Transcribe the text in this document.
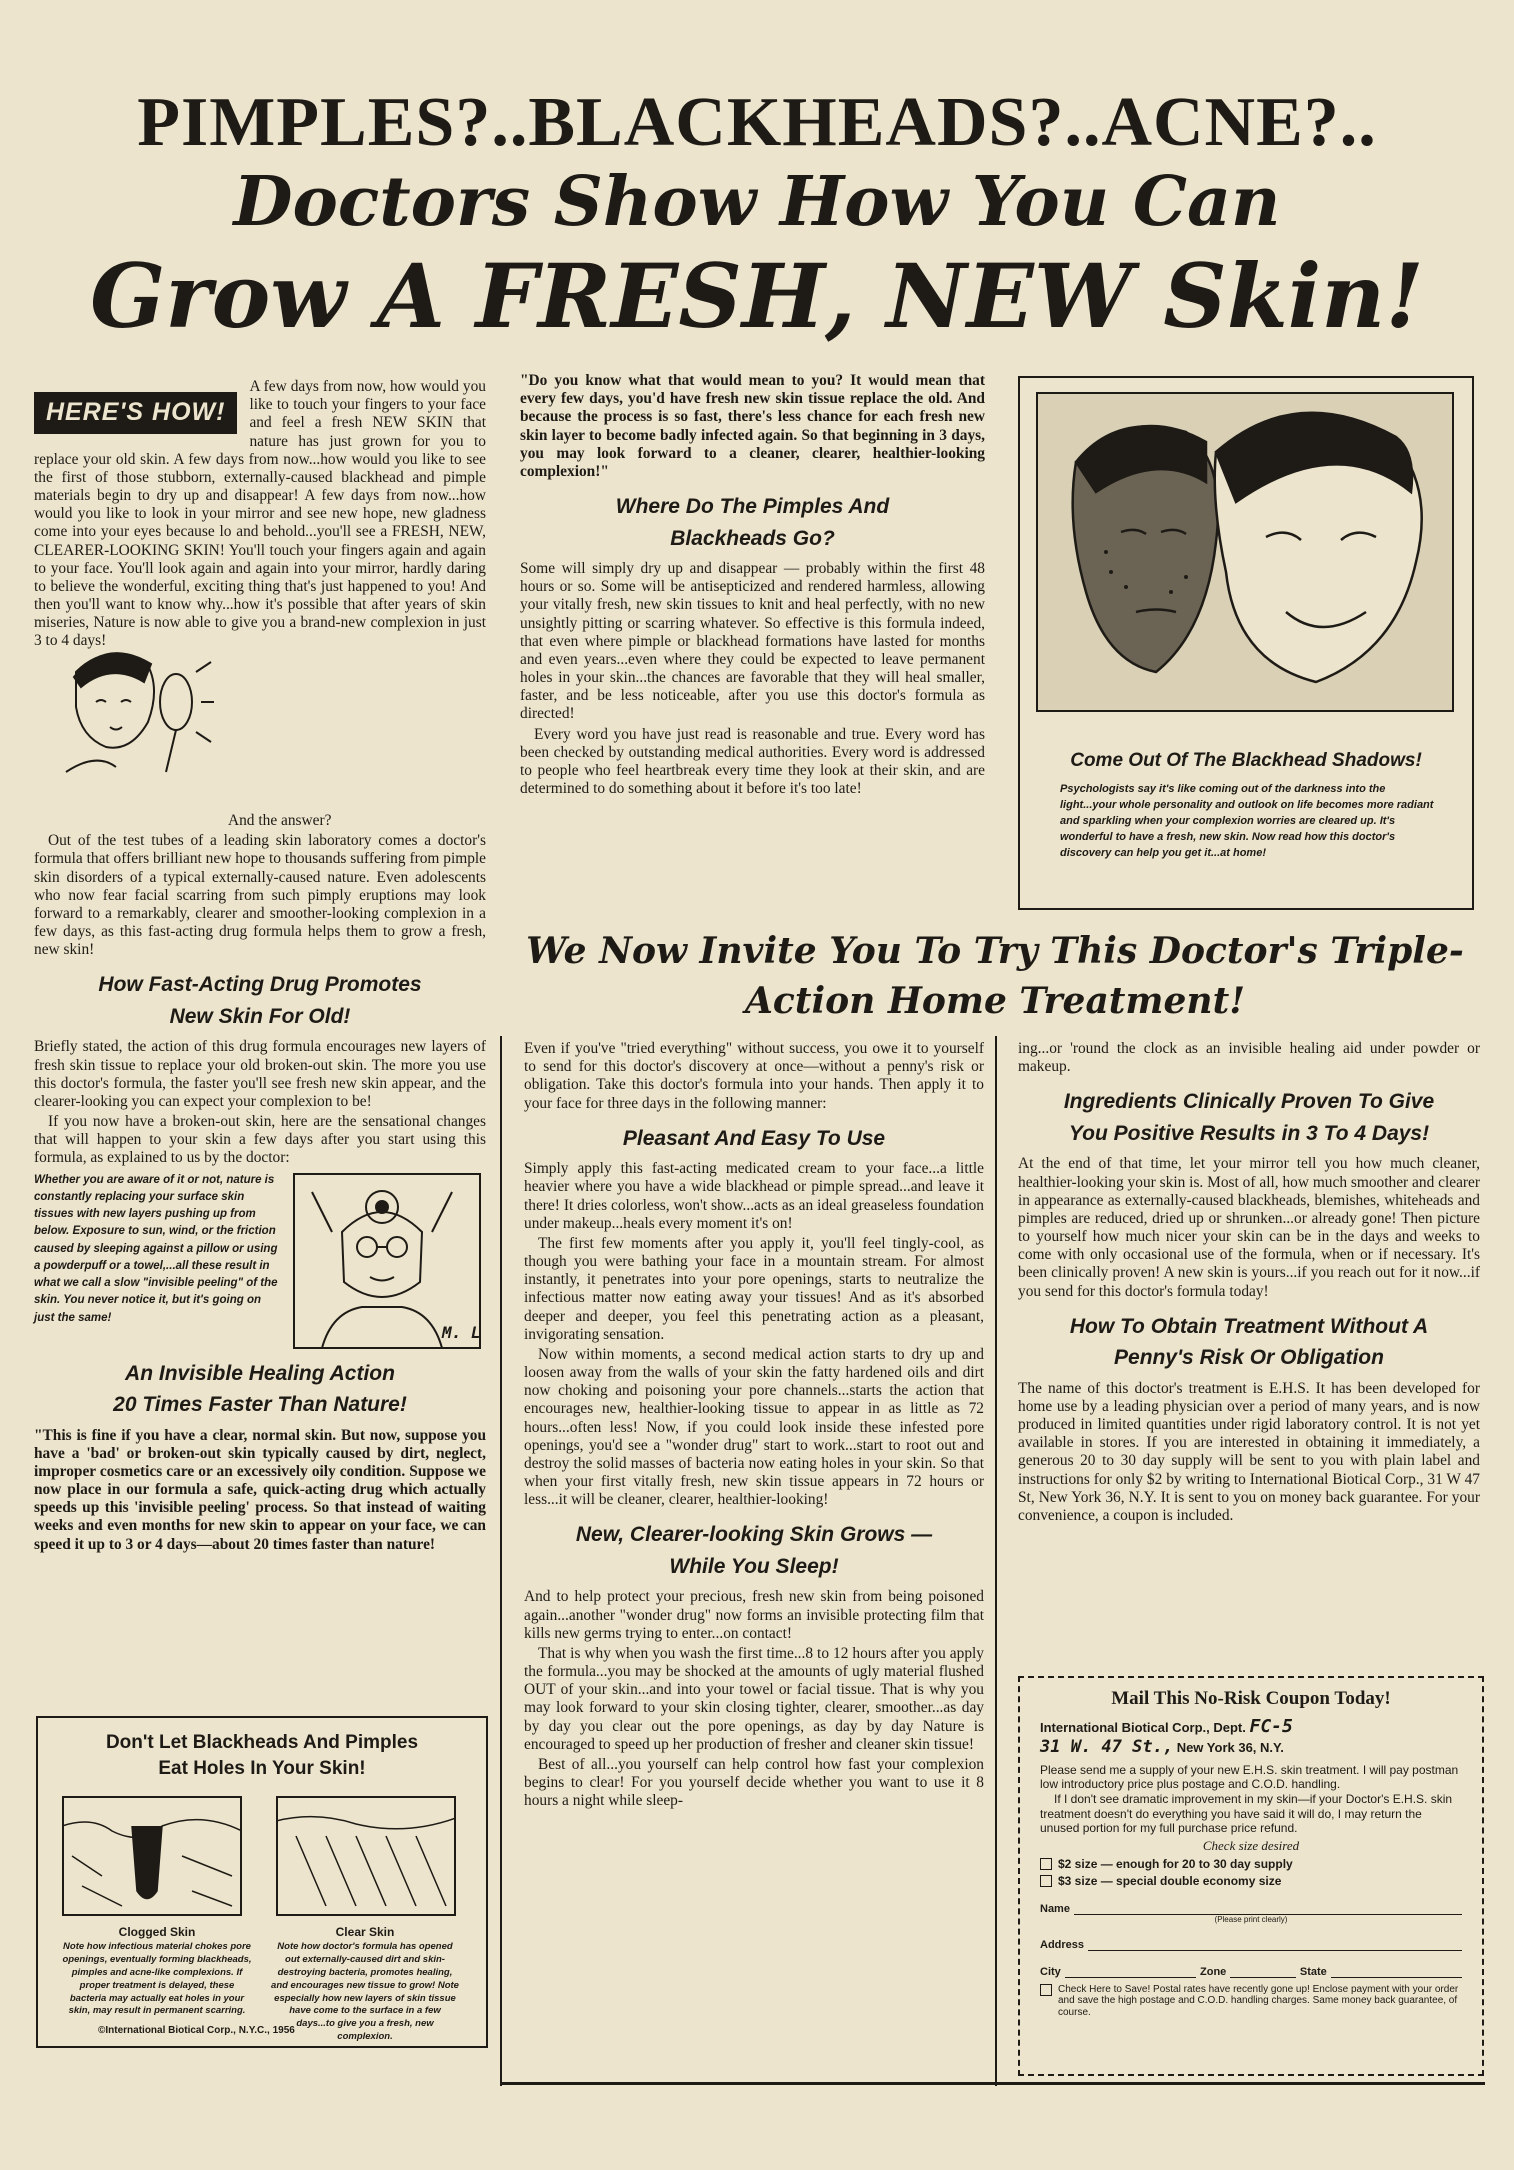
PIMPLES?..BLACKHEADS?..ACNE?..
Doctors Show How You Can
Grow A FRESH, NEW Skin!
HERE'S HOW!

A few days from now, how would you like to touch your fingers to your face and feel a fresh NEW SKIN that nature has just grown for you to replace your old skin. A few days from now...how would you like to see the first of those stubborn, externally-caused blackhead and pimple materials begin to dry up and disappear! A few days from now...how would you like to look in your mirror and see new hope, new gladness come into your eyes because lo and behold...you'll see a FRESH, NEW, CLEARER-LOOKING SKIN! You'll touch your fingers again and again to your face. You'll look again and again into your mirror, hardly daring to believe the wonderful, exciting thing that's just happened to you! And then you'll want to know why...how it's possible that after years of skin miseries, Nature is now able to give you a brand-new complexion in just 3 to 4 days!

And the answer?

Out of the test tubes of a leading skin laboratory comes a doctor's formula that offers brilliant new hope to thousands suffering from pimple skin disorders of a typical externally-caused nature. Even adolescents who now fear facial scarring from such pimply eruptions may look forward to a remarkably, clearer and smoother-looking complexion in a few days, as this fast-acting drug formula helps them to grow a fresh, new skin!

How Fast-Acting Drug Promotes
New Skin For Old!

Briefly stated, the action of this drug formula encourages new layers of fresh skin tissue to replace your old broken-out skin. The more you use this doctor's formula, the faster you'll see fresh new skin appear, and the clearer-looking you can expect your complexion to be!

If you now have a broken-out skin, here are the sensational changes that will happen to your skin a few days after you start using this formula, as explained to us by the doctor:

Whether you are aware of it or not, nature is constantly replacing your surface skin tissues with new layers pushing up from below. Exposure to sun, wind, or the friction caused by sleeping against a pillow or using a powderpuff or a towel,...all these result in what we call a slow "invisible peeling" of the skin. You never notice it, but it's going on just the same!
M. L
An Invisible Healing Action
20 Times Faster Than Nature!

"This is fine if you have a clear, normal skin. But now, suppose you have a 'bad' or broken-out skin typically caused by dirt, neglect, improper cosmetics care or an excessively oily condition. Suppose we now place in our formula a safe, quick-acting drug which actually speeds up this 'invisible peeling' process. So that instead of waiting weeks and even months for new skin to appear on your face, we can speed it up to 3 or 4 days—about 20 times faster than nature!

Don't Let Blackheads And Pimples
Eat Holes In Your Skin!
Clogged Skin
Note how infectious material chokes pore openings, eventually forming blackheads, pimples and acne-like complexions. If proper treatment is delayed, these bacteria may actually eat holes in your skin, may result in permanent scarring.
Clear Skin
Note how doctor's formula has opened out externally-caused dirt and skin-destroying bacteria, promotes healing, and encourages new tissue to grow! Note especially how new layers of skin tissue have come to the surface in a few days...to give you a fresh, new complexion.
©International Biotical Corp., N.Y.C., 1956

"Do you know what that would mean to you? It would mean that every few days, you'd have fresh new skin tissue replace the old. And because the process is so fast, there's less chance for each fresh new skin layer to become badly infected again. So that beginning in 3 days, you may look forward to a cleaner, clearer, healthier-looking complexion!"

Where Do The Pimples And
Blackheads Go?

Some will simply dry up and disappear — probably within the first 48 hours or so. Some will be antisepticized and rendered harmless, allowing your vitally fresh, new skin tissues to knit and heal perfectly, with no new unsightly pitting or scarring whatever. So effective is this formula indeed, that even where pimple or blackhead formations have lasted for months and even years...even where they could be expected to leave permanent holes in your skin...the chances are favorable that they will heal smaller, faster, and be less noticeable, after you use this doctor's formula as directed!

Every word you have just read is reasonable and true. Every word has been checked by outstanding medical authorities. Every word is addressed to people who feel heartbreak every time they look at their skin, and are determined to do something about it before it's too late!

Come Out Of The Blackhead Shadows!
Psychologists say it's like coming out of the darkness into the light...your whole personality and outlook on life becomes more radiant and sparkling when your complexion worries are cleared up. It's wonderful to have a fresh, new skin. Now read how this doctor's discovery can help you get it...at home!
We Now Invite You To Try This Doctor's Triple-
Action Home Treatment!

Even if you've "tried everything" without success, you owe it to yourself to send for this doctor's discovery at once—without a penny's risk or obligation. Take this doctor's formula into your hands. Then apply it to your face for three days in the following manner:

Pleasant And Easy To Use

Simply apply this fast-acting medicated cream to your face...a little heavier where you have a wide blackhead or pimple spread...and leave it there! It dries colorless, won't show...acts as an ideal greaseless foundation under makeup...heals every moment it's on!

The first few moments after you apply it, you'll feel tingly-cool, as though you were bathing your face in a mountain stream. For almost instantly, it penetrates into your pore openings, starts to neutralize the infectious matter now eating away your tissues! And as it's absorbed deeper and deeper, you feel this penetrating action as a pleasant, invigorating sensation.

Now within moments, a second medical action starts to dry up and loosen away from the walls of your skin the fatty hardened oils and dirt now choking and poisoning your pore channels...starts the action that encourages new, healthier-looking tissue to appear in as little as 72 hours...often less! Now, if you could look inside these infested pore openings, you'd see a "wonder drug" start to work...start to root out and destroy the solid masses of bacteria now eating holes in your skin. So that when your first vitally fresh, new skin tissue appears in 72 hours or less...it will be cleaner, clearer, healthier-looking!

New, Clearer-looking Skin Grows —
While You Sleep!

And to help protect your precious, fresh new skin from being poisoned again...another "wonder drug" now forms an invisible protecting film that kills new germs trying to enter...on contact!

That is why when you wash the first time...8 to 12 hours after you apply the formula...you may be shocked at the amounts of ugly material flushed OUT of your skin...and into your towel or facial tissue. That is why you may look forward to your skin closing tighter, clearer, smoother...as day by day you clear out the pore openings, as day by day Nature is encouraged to speed up her production of fresher and cleaner skin tissue!

Best of all...you yourself can help control how fast your complexion begins to clear! For you yourself decide whether you want to use it 8 hours a night while sleep-

ing...or 'round the clock as an invisible healing aid under powder or makeup.

Ingredients Clinically Proven To Give
You Positive Results in 3 To 4 Days!

At the end of that time, let your mirror tell you how much cleaner, healthier-looking your skin is. Most of all, how much smoother and clearer in appearance as externally-caused blackheads, blemishes, whiteheads and pimples are reduced, dried up or shrunken...or already gone! Then picture to yourself how much nicer your skin can be in the days and weeks to come with only occasional use of the formula, when or if necessary. It's been clinically proven! A new skin is yours...if you reach out for it now...if you send for this doctor's formula today!

How To Obtain Treatment Without A
Penny's Risk Or Obligation

The name of this doctor's treatment is E.H.S. It has been developed for home use by a leading physician over a period of many years, and is now produced in limited quantities under rigid laboratory control. It is not yet available in stores. If you are interested in obtaining it immediately, a generous 20 to 30 day supply will be sent to you with plain label and instructions for only $2 by writing to International Biotical Corp., 31 W 47 St, New York 36, N.Y. It is sent to you on money back guarantee. For your convenience, a coupon is included.

Mail This No-Risk Coupon Today!
International Biotical Corp., Dept. FC-5
31 W. 47 St., New York 36, N.Y.
Please send me a supply of your new E.H.S. skin treatment. I will pay postman low introductory price plus postage and C.O.D. handling.
If I don't see dramatic improvement in my skin—if your Doctor's E.H.S. skin treatment doesn't do everything you have said it will do, I may return the unused portion for my full purchase price refund.
Check size desired
$2 size — enough for 20 to 30 day supply
$3 size — special double economy size
Name
(Please print clearly)
Address
City	Zone	State
Check Here to Save! Postal rates have recently gone up! Enclose payment with your order and save the high postage and C.O.D. handling charges. Same money back guarantee, of course.
